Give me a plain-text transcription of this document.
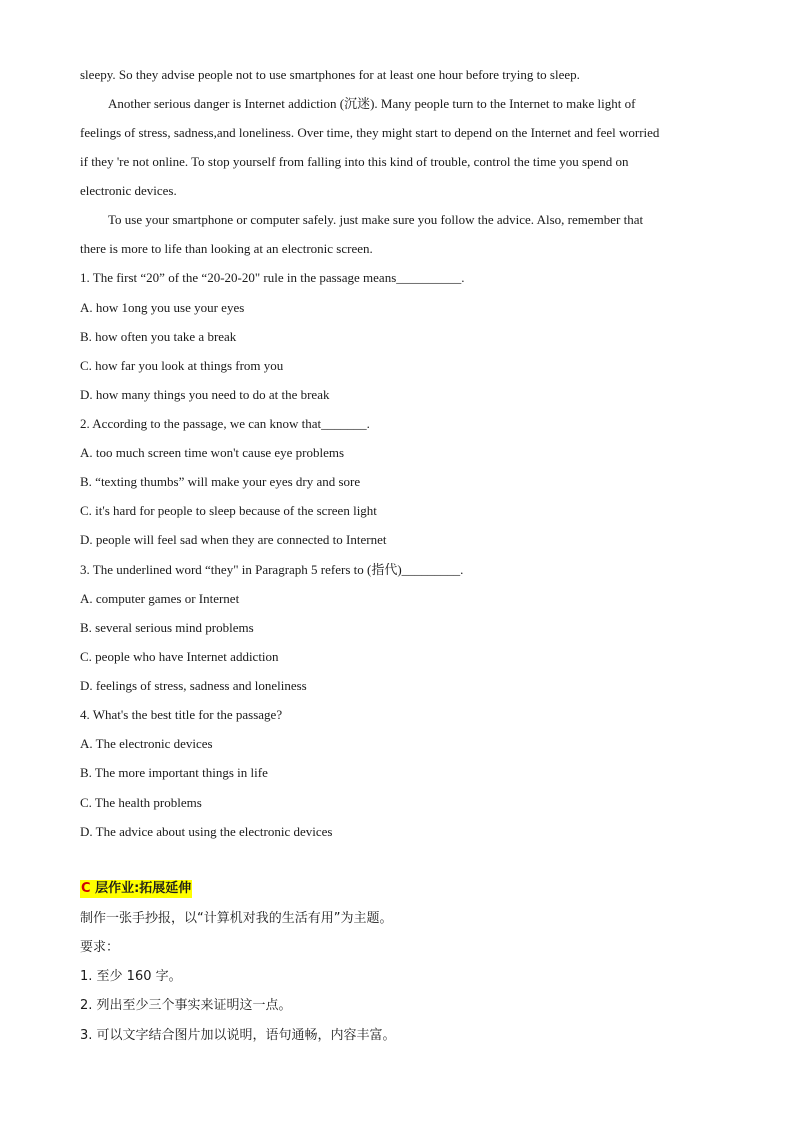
sleepy. So they advise people not to use smartphones for at least one hour before trying to sleep.
Another serious danger is Internet addiction (沉迷). Many people turn to the Internet to make light of
feelings of stress, sadness,and loneliness. Over time, they might start to depend on the Internet and feel worried
if they 're not online. To stop yourself from falling into this kind of trouble, control the time you spend on
electronic devices.
To use your smartphone or computer safely. just make sure you follow the advice. Also, remember that
there is more to life than looking at an electronic screen.
1. The first “20” of the “20-20-20" rule in the passage means__________.
A. how 1ong you use your eyes
B. how often you take a break
C. how far you look at things from you
D. how many things you need to do at the break
2. According to the passage, we can know that_______.
A. too much screen time won't cause eye problems
B. “texting thumbs” will make your eyes dry and sore
C. it's hard for people to sleep because of the screen light
D. people will feel sad when they are connected to Internet
3. The underlined word “they" in Paragraph 5 refers to (指代)_________.
A. computer games or Internet
B. several serious mind problems
C. people who have Internet addiction
D. feelings of stress, sadness and loneliness
4. What's the best title for the passage?
A. The electronic devices
B. The more important things in life
C. The health problems
D. The advice about using the electronic devices
C 层作业:拓展延伸
制作一张手抄报，以“计算机对我的生活有用”为主题。
要求：
1. 至少 160 字。
2. 列出至少三个事实来证明这一点。
3. 可以文字结合图片加以说明，语句通畅，内容丰富。
